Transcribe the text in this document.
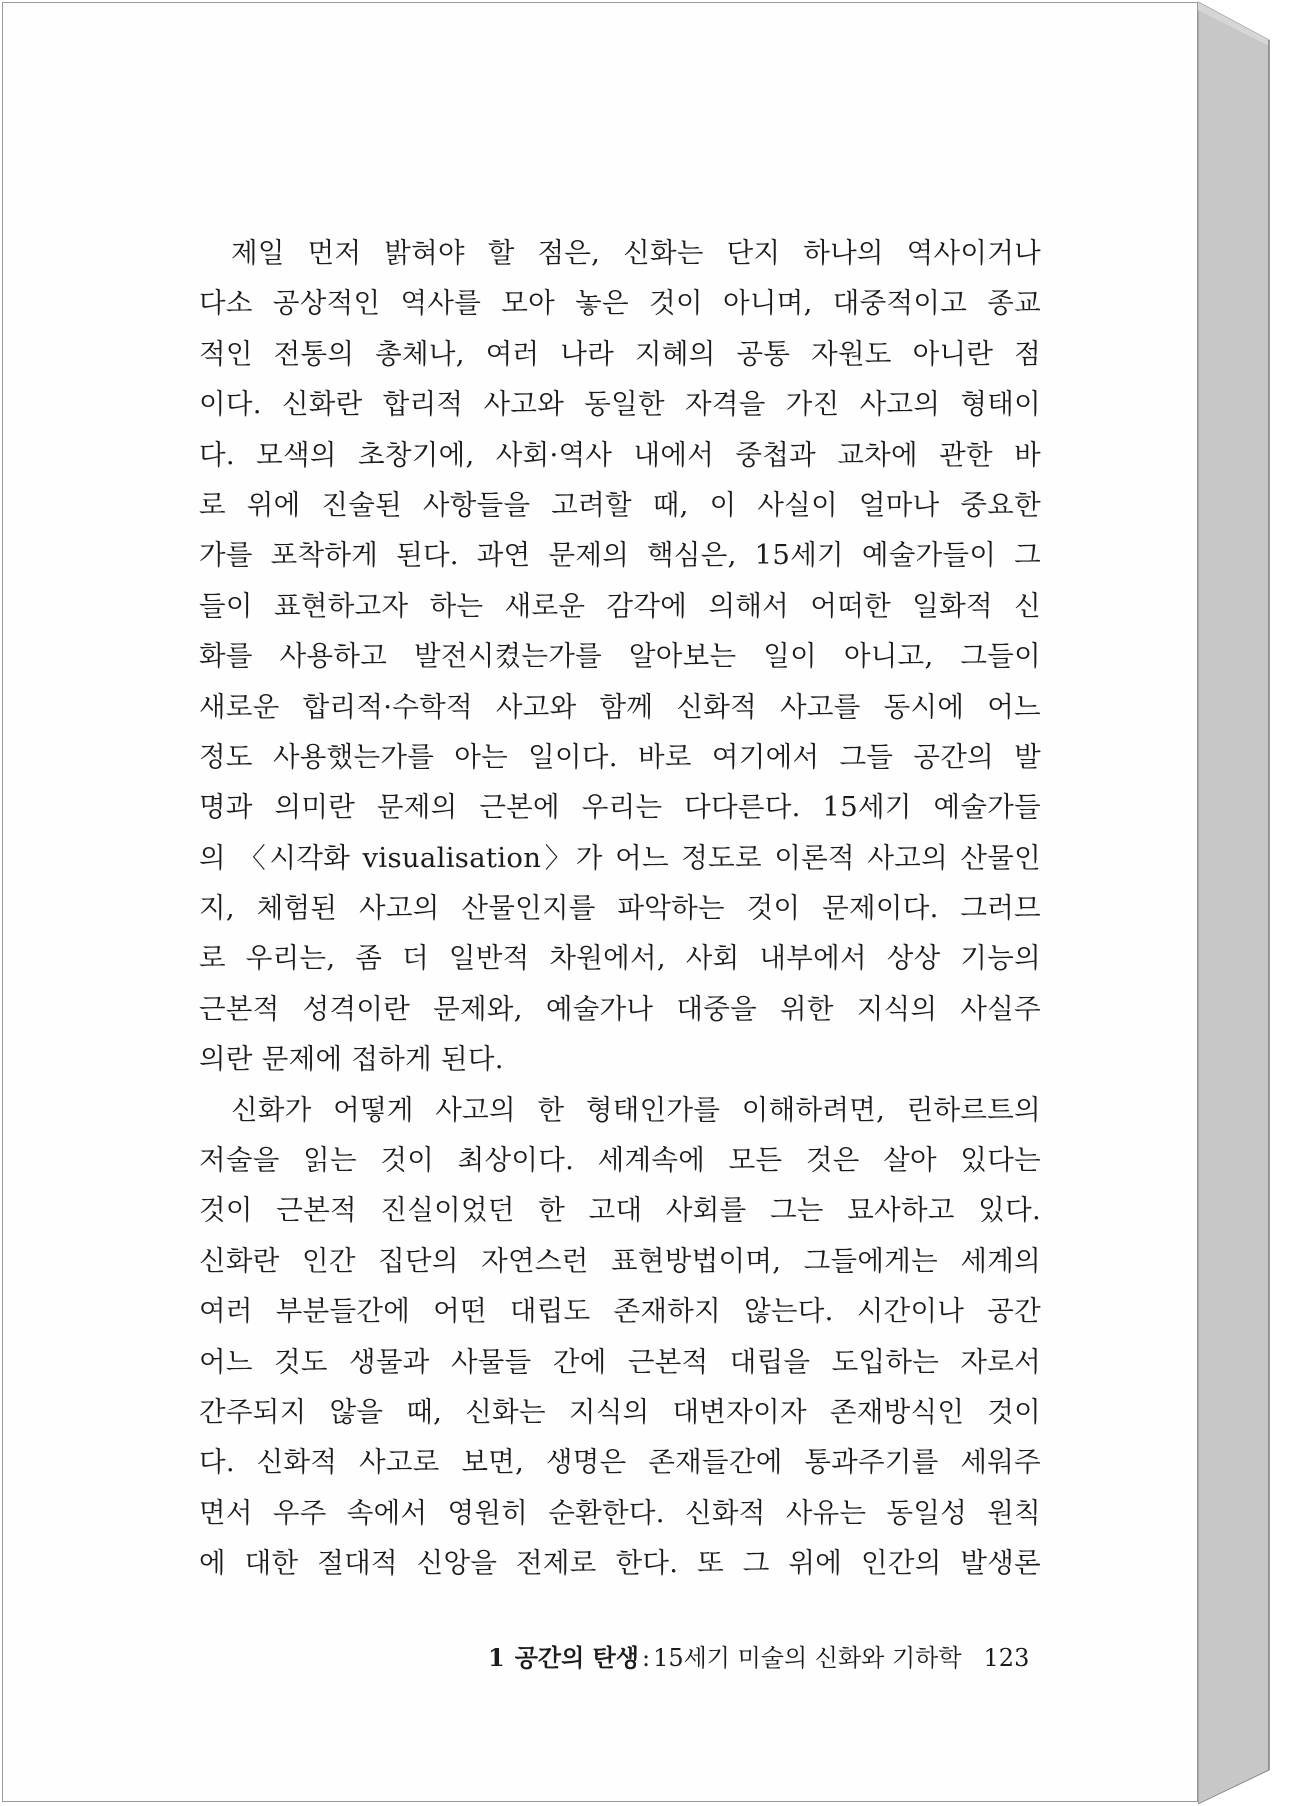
제일 먼저 밝혀야 할 점은, 신화는 단지 하나의 역사이거나
다소 공상적인 역사를 모아 놓은 것이 아니며, 대중적이고 종교
적인 전통의 총체나, 여러 나라 지혜의 공통 자원도 아니란 점
이다. 신화란 합리적 사고와 동일한 자격을 가진 사고의 형태이
다. 모색의 초창기에, 사회·역사 내에서 중첩과 교차에 관한 바
로 위에 진술된 사항들을 고려할 때, 이 사실이 얼마나 중요한
가를 포착하게 된다. 과연 문제의 핵심은, 15세기 예술가들이 그
들이 표현하고자 하는 새로운 감각에 의해서 어떠한 일화적 신
화를 사용하고 발전시켰는가를 알아보는 일이 아니고, 그들이
새로운 합리적·수학적 사고와 함께 신화적 사고를 동시에 어느
정도 사용했는가를 아는 일이다. 바로 여기에서 그들 공간의 발
명과 의미란 문제의 근본에 우리는 다다른다. 15세기 예술가들
의 〈시각화 visualisation〉가 어느 정도로 이론적 사고의 산물인
지, 체험된 사고의 산물인지를 파악하는 것이 문제이다. 그러므
로 우리는, 좀 더 일반적 차원에서, 사회 내부에서 상상 기능의
근본적 성격이란 문제와, 예술가나 대중을 위한 지식의 사실주
의란 문제에 접하게 된다.
신화가 어떻게 사고의 한 형태인가를 이해하려면, 린하르트의
저술을 읽는 것이 최상이다. 세계속에 모든 것은 살아 있다는
것이 근본적 진실이었던 한 고대 사회를 그는 묘사하고 있다.
신화란 인간 집단의 자연스런 표현방법이며, 그들에게는 세계의
여러 부분들간에 어떤 대립도 존재하지 않는다. 시간이나 공간
어느 것도 생물과 사물들 간에 근본적 대립을 도입하는 자로서
간주되지 않을 때, 신화는 지식의 대변자이자 존재방식인 것이
다. 신화적 사고로 보면, 생명은 존재들간에 통과주기를 세워주
면서 우주 속에서 영원히 순환한다. 신화적 사유는 동일성 원칙
에 대한 절대적 신앙을 전제로 한다. 또 그 위에 인간의 발생론
1 공간의 탄생 : 15세기 미술의 신화와 기하학 123
